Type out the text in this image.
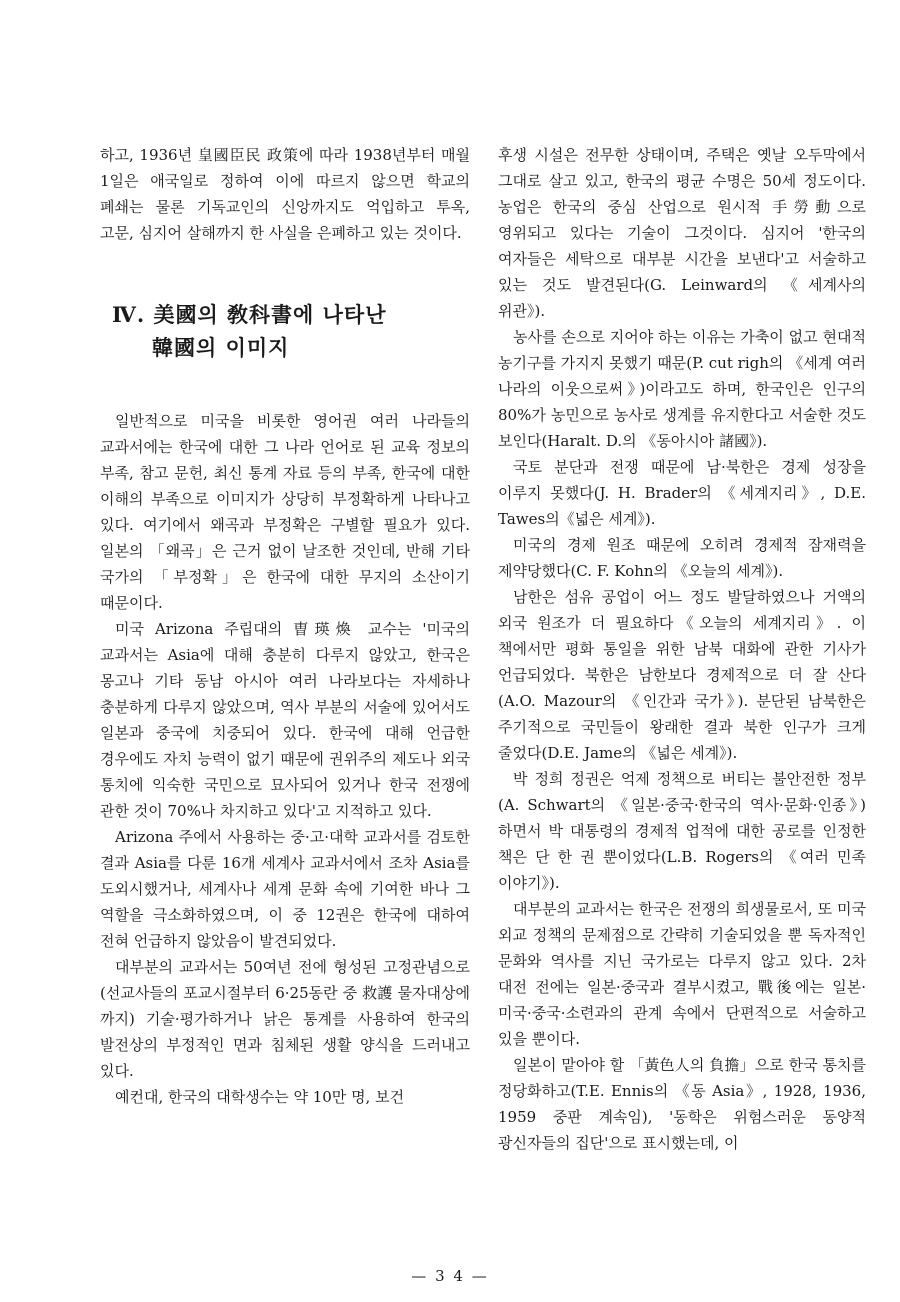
하고, 1936년 皇國臣民 政策에 따라 1938년부터 매월 1일은 애국일로 정하여 이에 따르지 않으면 학교의 폐쇄는 물론 기독교인의 신앙까지도 억입하고 투옥, 고문, 심지어 살해까지 한 사실을 은폐하고 있는 것이다.

Ⅳ. 美國의 敎科書에 나타난
韓國의 이미지

일반적으로 미국을 비롯한 영어권 여러 나라들의 교과서에는 한국에 대한 그 나라 언어로 된 교육 정보의 부족, 참고 문헌, 최신 통계 자료 등의 부족, 한국에 대한 이해의 부족으로 이미지가 상당히 부정확하게 나타나고 있다. 여기에서 왜곡과 부정확은 구별할 필요가 있다. 일본의 「왜곡」은 근거 없이 날조한 것인데, 반해 기타 국가의 「부정확」은 한국에 대한 무지의 소산이기 때문이다.

미국 Arizona 주립대의 曺瑛煥 교수는 '미국의 교과서는 Asia에 대해 충분히 다루지 않았고, 한국은 몽고나 기타 동남 아시아 여러 나라보다는 자세하나 충분하게 다루지 않았으며, 역사 부분의 서술에 있어서도 일본과 중국에 치중되어 있다. 한국에 대해 언급한 경우에도 자치 능력이 없기 때문에 권위주의 제도나 외국 통치에 익숙한 국민으로 묘사되어 있거나 한국 전쟁에 관한 것이 70%나 차지하고 있다'고 지적하고 있다.

Arizona 주에서 사용하는 중·고·대학 교과서를 검토한 결과 Asia를 다룬 16개 세계사 교과서에서 조차 Asia를 도외시했거나, 세계사나 세계 문화 속에 기여한 바나 그 역할을 극소화하였으며, 이 중 12권은 한국에 대하여 전혀 언급하지 않았음이 발견되었다.

대부분의 교과서는 50여년 전에 형성된 고정관념으로(선교사들의 포교시절부터 6·25동란 중 救護 물자대상에 까지) 기술·평가하거나 낡은 통계를 사용하여 한국의 발전상의 부정적인 면과 침체된 생활 양식을 드러내고 있다.

예컨대, 한국의 대학생수는 약 10만 명, 보건

후생 시설은 전무한 상태이며, 주택은 옛날 오두막에서 그대로 살고 있고, 한국의 평균 수명은 50세 정도이다. 농업은 한국의 중심 산업으로 원시적 手勞動으로 영위되고 있다는 기술이 그것이다. 심지어 '한국의 여자들은 세탁으로 대부분 시간을 보낸다'고 서술하고 있는 것도 발견된다(G. Leinward의 《세계사의 위관》).

농사를 손으로 지어야 하는 이유는 가축이 없고 현대적 농기구를 가지지 못했기 때문(P. cut righ의 《세계 여러 나라의 이웃으로써》)이라고도 하며, 한국인은 인구의 80%가 농민으로 농사로 생계를 유지한다고 서술한 것도 보인다(Haralt. D.의 《동아시아 諸國》).

국토 분단과 전쟁 때문에 남·북한은 경제 성장을 이루지 못했다(J. H. Brader의 《세계지리》, D.E. Tawes의《넓은 세계》).

미국의 경제 원조 때문에 오히려 경제적 잠재력을 제약당했다(C. F. Kohn의 《오늘의 세계》).

남한은 섬유 공업이 어느 정도 발달하였으나 거액의 외국 원조가 더 필요하다《오늘의 세계지리》. 이 책에서만 평화 통일을 위한 남북 대화에 관한 기사가 언급되었다. 북한은 남한보다 경제적으로 더 잘 산다(A.O. Mazour의 《인간과 국가》). 분단된 남북한은 주기적으로 국민들이 왕래한 결과 북한 인구가 크게 줄었다(D.E. Jame의 《넓은 세계》).

박 정희 정권은 억제 정책으로 버티는 불안전한 정부(A. Schwart의 《일본·중국·한국의 역사·문화·인종》)하면서 박 대통령의 경제적 업적에 대한 공로를 인정한 책은 단 한 권 뿐이었다(L.B. Rogers의 《여러 민족 이야기》).

대부분의 교과서는 한국은 전쟁의 희생물로서, 또 미국 외교 정책의 문제점으로 간략히 기술되었을 뿐 독자적인 문화와 역사를 지닌 국가로는 다루지 않고 있다. 2차 대전 전에는 일본·중국과 결부시켰고, 戰後에는 일본·미국·중국·소련과의 관계 속에서 단편적으로 서술하고 있을 뿐이다.

일본이 맡아야 할 「黃色人의 負擔」으로 한국 통치를 정당화하고(T.E. Ennis의 《동 Asia》, 1928, 1936, 1959 중판 계속임), '동학은 위험스러운 동양적 광신자들의 집단'으로 표시했는데, 이

— 3 4 —
